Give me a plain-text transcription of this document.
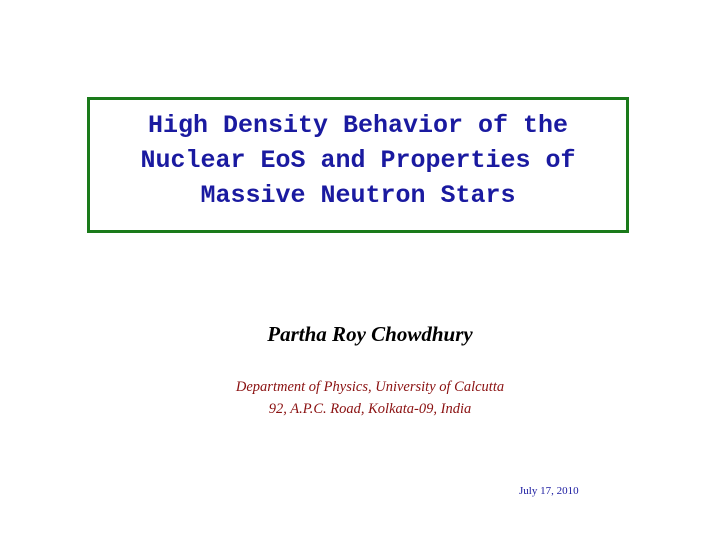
High Density Behavior of the
Nuclear EoS and Properties of
Massive Neutron Stars
Partha Roy Chowdhury
Department of Physics, University of Calcutta
92, A.P.C. Road, Kolkata-09, India
July 17, 2010
